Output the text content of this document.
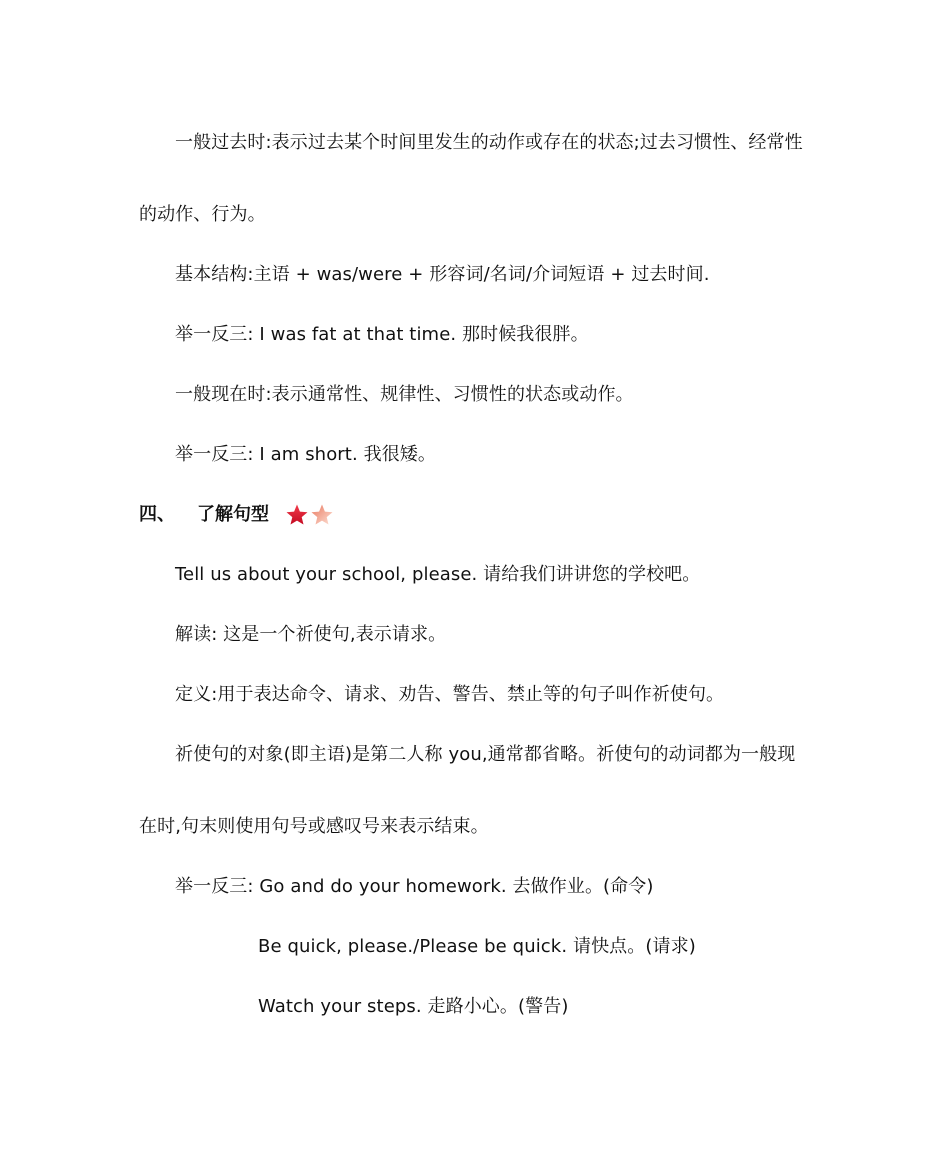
一般过去时:表示过去某个时间里发生的动作或存在的状态;过去习惯性、经常性
的动作、行为。
基本结构:主语 + was/were + 形容词/名词/介词短语 + 过去时间.
举一反三: I was fat at that time. 那时候我很胖。
一般现在时:表示通常性、规律性、习惯性的状态或动作。
举一反三: I am short. 我很矮。
四、 了解句型
Tell us about your school, please. 请给我们讲讲您的学校吧。
解读: 这是一个祈使句,表示请求。
定义:用于表达命令、请求、劝告、警告、禁止等的句子叫作祈使句。
祈使句的对象(即主语)是第二人称 you,通常都省略。祈使句的动词都为一般现
在时,句末则使用句号或感叹号来表示结束。
举一反三: Go and do your homework. 去做作业。(命令)
Be quick, please./Please be quick. 请快点。(请求)
Watch your steps. 走路小心。(警告)
